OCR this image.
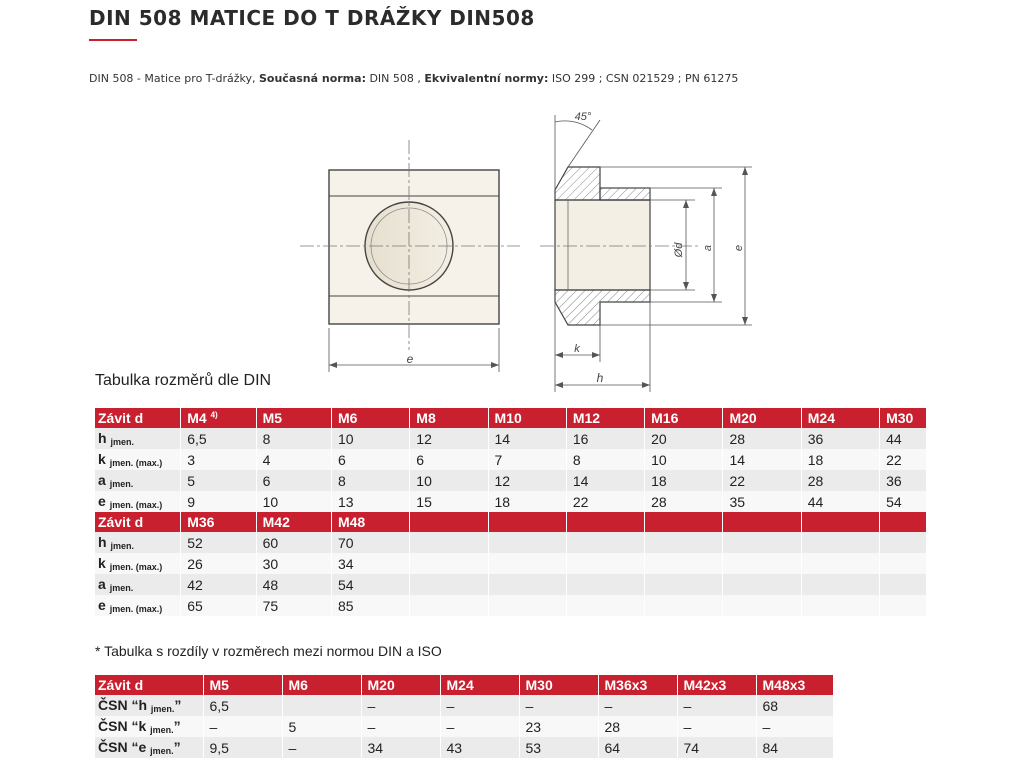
DIN 508 MATICE DO T DRÁŽKY DIN508
DIN 508 - Matice pro T-drážky, Současná norma: DIN 508 , Ekvivalentní normy: ISO 299 ; CSN 021529 ; PN 61275
e
45°
Ød a e
k
h
Tabulka rozměrů dle DIN
Závit d	M4 $^{4)}$	M5	M6	M8	M10	M12	M16	M20	M24	M30	
h $_{jmen.}$	6,5	8	10	12	14	16	20	28	36	44	
k $_{jmen. (max.)}$	3	4	6	6	7	8	10	14	18	22	
a $_{jmen.}$	5	6	8	10	12	14	18	22	28	36	
e $_{jmen. (max.)}$	9	10	13	15	18	22	28	35	44	54	
Závit d	M36	M42	M48								
h $_{jmen.}$	52	60	70								
k $_{jmen. (max.)}$	26	30	34								
a $_{jmen.}$	42	48	54								
e $_{jmen. (max.)}$	65	75	85								
* Tabulka s rozdíly v rozměrech mezi normou DIN a ISO
Závit d	M5	M6	M20	M24	M30	M36x3	M42x3	M48x3
ČSN “h $_{jmen.}$”	6,5		–	–	–	–	–	68
ČSN “k $_{jmen.}$”	–	5	–	–	23	28	–	–
ČSN “e $_{jmen.}$”	9,5	–	34	43	53	64	74	84
